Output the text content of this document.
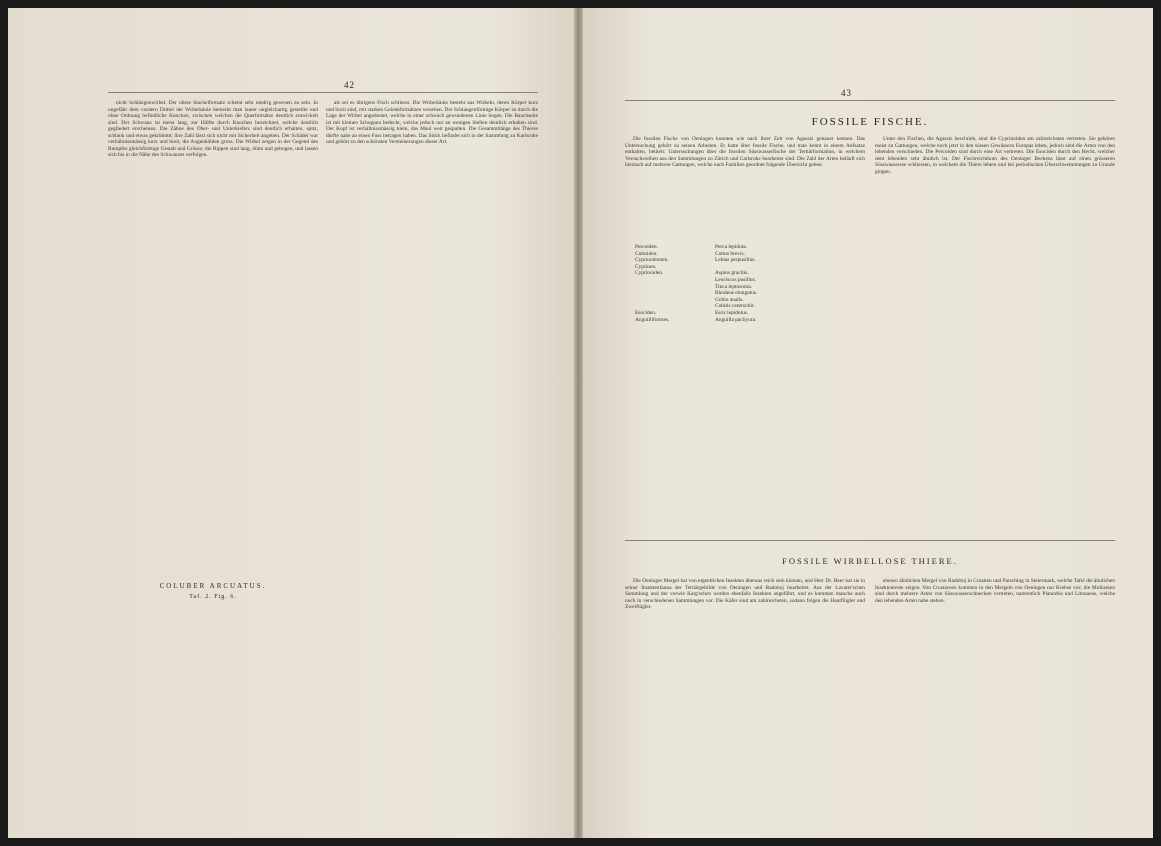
42

nicht Schlängenwirbel. Der obere Stachelfortsatz scheint sehr niedrig gewesen zu sein. In ungefähr dem vordern Drittel der Wirbelsäule bemerkt man lauter ungleichartig gestellte und ohne Ordnung befindliche Knochen, zwischen welchen die Querfortsätze deutlich entwickelt sind. Der Schwanz ist meist lang, zur Hälfte durch Knochen bezeichnet, welche deutlich gegliedert erscheinen. Die Zähne des Ober- und Unterkiefers sind deutlich erhalten, spitz, schlank und etwas gekrümmt; ihre Zahl lässt sich nicht mit Sicherheit angeben. Der Schädel war verhältnissmässig kurz und breit, die Augenhöhlen gross. Die Wirbel zeigen in der Gegend des Rumpfes gleichförmige Gestalt und Grösse; die Rippen sind lang, dünn und gebogen, und lassen sich bis in die Nähe des Schwanzes verfolgen.

COLUBER ARCUATUS.
Taf. 2. Fig. 6.

als sei es übrigens Fisch schliesst. Die Wirbelsäule besteht aus Wirbeln, deren Körper kurz und hoch sind, mit starken Gelenkfortsätzen versehen. Der Schlangenförmige Körper ist durch die Lage der Wirbel angedeutet, welche in einer schwach gewundenen Linie liegen. Die Bauchseite ist mit kleinen Schuppen bedeckt, welche jedoch nur an wenigen Stellen deutlich erhalten sind. Der Kopf ist verhältnissmässig klein, das Maul weit gespalten. Die Gesammtlänge des Thieres dürfte nahe an einen Fuss betragen haben. Das Stück befindet sich in der Sammlung zu Karlsruhe und gehört zu den schönsten Versteinerungen dieser Art.

43
FOSSILE FISCHE.

Die fossilen Fische von Oeningen konnten wie nach ihrer Zeit von Agassiz genauer kennen. Das Untersuchung gehört zu seinen Arbeiten. Er hatte über fossile Fische, und man kennt in einem Aufsatze enthalten, betitelt: Untersuchungen über die fossilen Süsswasserfische der Tertiärformation, in welchem Versuchsreihen aus den Sammlungen zu Zürich und Carlsruhe bearbeitet sind. Die Zahl der Arten beläuft sich hiernach auf mehrere Gattungen, welche nach Familien geordnet folgende Übersicht geben.

Percoiden.	Perca lepidota.
Cottoiden.	Cottus brevis.
Cyprinodonten.	Lebias perpusillus.
Cyprinen.
Cyprinoiden.	Aspius gracilis.
Leuciscus pusillus.
Tinca leptosoma.
Rhodeus elongatus.
Gobio analis.
Cobitis centrochir.
Esociden.	Esox lepidotus.
Anguilliformes.	Anguilla pachyura.

Unter den Fischen, die Agassiz beschrieb, sind die Cyprinoiden am zahlreichsten vertreten. Sie gehören meist zu Gattungen, welche noch jetzt in den süssen Gewässern Europas leben, jedoch sind die Arten von den lebenden verschieden. Die Percoiden sind durch eine Art vertreten. Die Esociden durch den Hecht, welcher dem lebenden sehr ähnlich ist. Der Fischreichthum des Oeninger Beckens lässt auf einen grösseren Süsswassersee schliessen, in welchem die Thiere lebten und bei periodischen Überschwemmungen zu Grunde gingen.

FOSSILE WIRBELLOSE THIERE.

Die Oeninger Mergel hat von eigentlichen Insekten überaus reich sein können, und Herr Dr. Heer hat sie in seiner Insektenfauna der Tertiärgebilde von Oeningen und Radoboj bearbeitet. Aus der Lavater'schen Sammlung und der vorwie Karg'schen werden ebenfalls Insekten angeführt, und es kommen manche auch noch in verschiedenen Sammlungen vor. Die Käfer sind am zahlreichsten, sodann folgen die Hautflügler und Zweiflügler.

ebenso ähnlichen Mergel von Radoboj in Croatien und Parschlug in Steiermark, welche Tafel die ähnlichen Insektenreste zeigen. Von Crustaceen kommen in den Mergeln von Oeningen nur Krebse vor; die Mollusken sind durch mehrere Arten von Süsswasserschnecken vertreten, namentlich Planorbis und Limnaeus, welche den lebenden Arten nahe stehen.
